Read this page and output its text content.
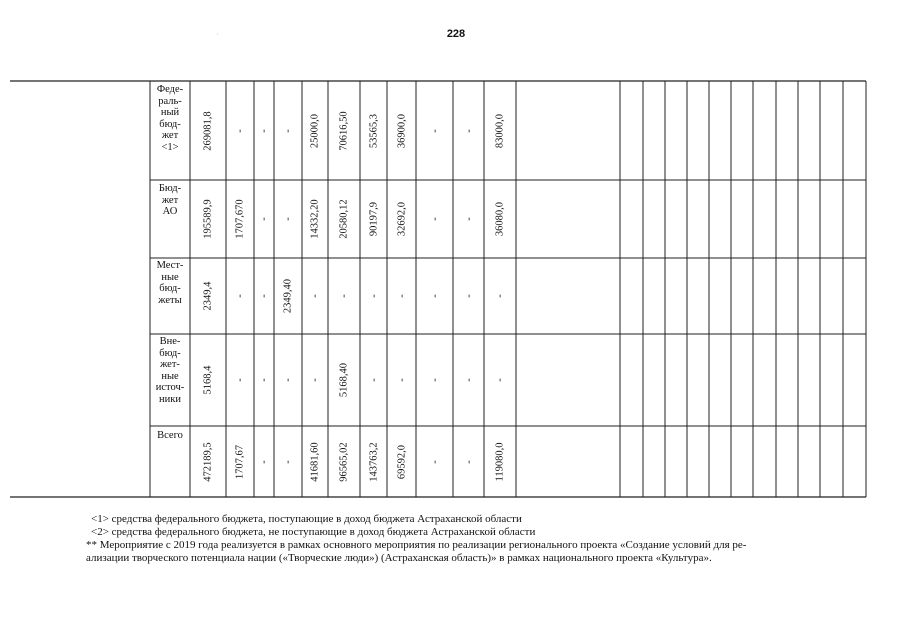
228
·
Феде-
раль-
ный
бюд-
жет
<1>
Бюд-
жет
АО
Мест-
ные
бюд-
жеты
Вне-
бюд-
жет-
ные
источ-
ники
Всего
269081,8 - - - 25000,0 70616,50 53565,3 36900,0 - - 83000,0
195589,9 1707,670 - - 14332,20 20580,12 90197,9 32692,0 - - 36080,0
2349,4 - - 2349,40 - - - - - - -
5168,4 - - - - 5168,40 - - - - -
472189,5 1707,67 - - 41681,60 96565,02 143763,2 69592,0 - - 119080,0

<1> средства федерального бюджета, поступающие в доход бюджета Астраханской области

<2> средства федерального бюджета, не поступающие в доход бюджета Астраханской области

** Мероприятие с 2019 года реализуется в рамках основного мероприятия по реализации регионального проекта «Создание условий для ре-

ализации творческого потенциала нации («Творческие люди») (Астраханская область)» в рамках национального проекта «Культура».
